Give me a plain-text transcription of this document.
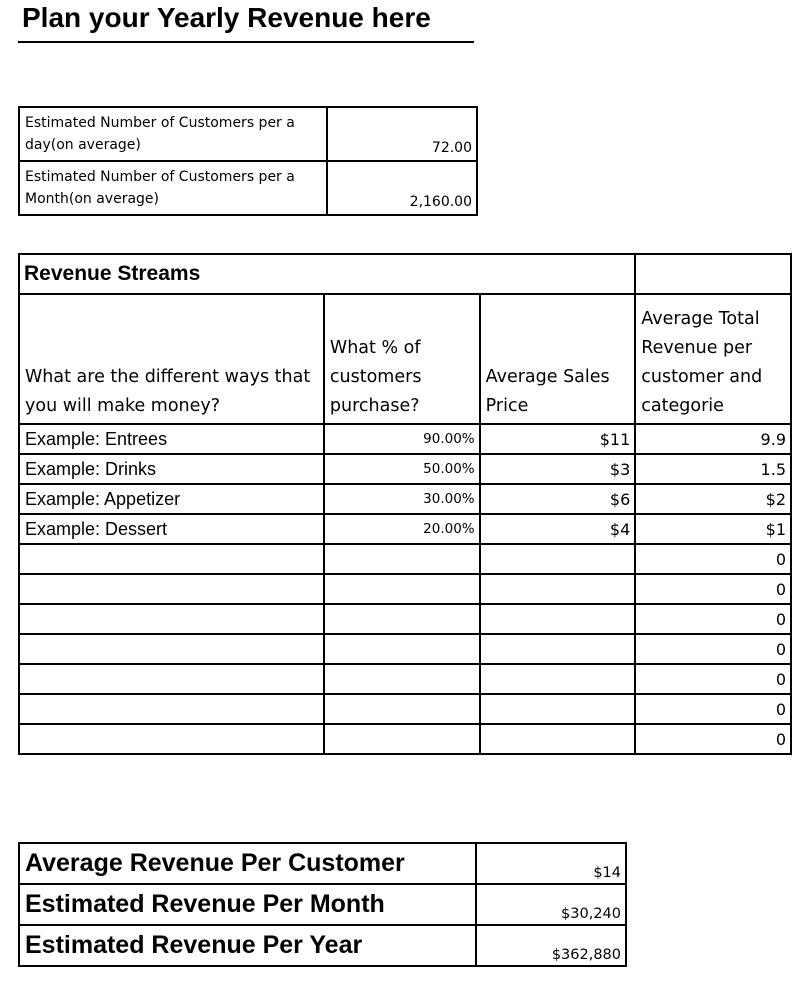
Plan your Yearly Revenue here
Estimated Number of Customers per a day(on average)	72.00
Estimated Number of Customers per a Month(on average)	2,160.00
Revenue Streams			
What are the different ways that you will make money?	What % of customers purchase?	Average Sales Price	Average Total Revenue per customer and categorie
Example: Entrees	90.00%	$11	9.9
Example: Drinks	50.00%	$3	1.5
Example: Appetizer	30.00%	$6	$2
Example: Dessert	20.00%	$4	$1
			0
			0
			0
			0
			0
			0
			0
Average Revenue Per Customer	$14
Estimated Revenue Per Month	$30,240
Estimated Revenue Per Year	$362,880
